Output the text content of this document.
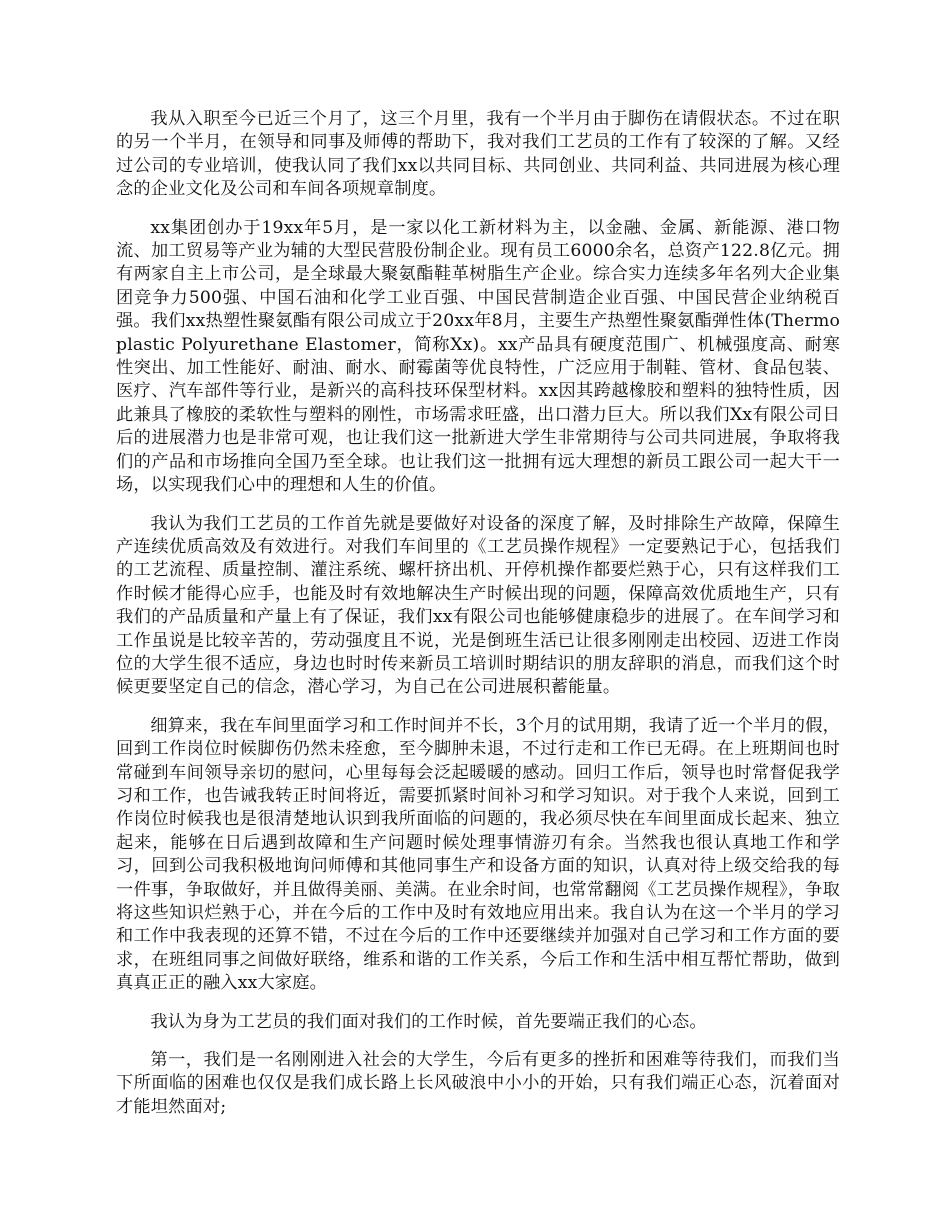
我从入职至今已近三个月了，这三个月里，我有一个半月由于脚伤在请假状态。不过在职的另一个半月，在领导和同事及师傅的帮助下，我对我们工艺员的工作有了较深的了解。又经过公司的专业培训，使我认同了我们xx以共同目标、共同创业、共同利益、共同进展为核心理念的企业文化及公司和车间各项规章制度。

xx集团创办于19xx年5月，是一家以化工新材料为主，以金融、金属、新能源、港口物流、加工贸易等产业为辅的大型民营股份制企业。现有员工6000余名，总资产122.8亿元。拥有两家自主上市公司，是全球最大聚氨酯鞋革树脂生产企业。综合实力连续多年名列大企业集团竞争力500强、中国石油和化学工业百强、中国民营制造企业百强、中国民营企业纳税百强。我们xx热塑性聚氨酯有限公司成立于20xx年8月，主要生产热塑性聚氨酯弹性体(Thermoplastic Polyurethane Elastomer，简称Xx)。xx产品具有硬度范围广、机械强度高、耐寒性突出、加工性能好、耐油、耐水、耐霉菌等优良特性，广泛应用于制鞋、管材、食品包装、医疗、汽车部件等行业，是新兴的高科技环保型材料。xx因其跨越橡胶和塑料的独特性质，因此兼具了橡胶的柔软性与塑料的刚性，市场需求旺盛，出口潜力巨大。所以我们Xx有限公司日后的进展潜力也是非常可观，也让我们这一批新进大学生非常期待与公司共同进展，争取将我们的产品和市场推向全国乃至全球。也让我们这一批拥有远大理想的新员工跟公司一起大干一场，以实现我们心中的理想和人生的价值。

我认为我们工艺员的工作首先就是要做好对设备的深度了解，及时排除生产故障，保障生产连续优质高效及有效进行。对我们车间里的《工艺员操作规程》一定要熟记于心，包括我们的工艺流程、质量控制、灌注系统、螺杆挤出机、开停机操作都要烂熟于心，只有这样我们工作时候才能得心应手，也能及时有效地解决生产时候出现的问题，保障高效优质地生产，只有我们的产品质量和产量上有了保证，我们xx有限公司也能够健康稳步的进展了。在车间学习和工作虽说是比较辛苦的，劳动强度且不说，光是倒班生活已让很多刚刚走出校园、迈进工作岗位的大学生很不适应，身边也时时传来新员工培训时期结识的朋友辞职的消息，而我们这个时候更要坚定自己的信念，潜心学习，为自己在公司进展积蓄能量。

细算来，我在车间里面学习和工作时间并不长，3个月的试用期，我请了近一个半月的假，回到工作岗位时候脚伤仍然未痊愈，至今脚肿未退，不过行走和工作已无碍。在上班期间也时常碰到车间领导亲切的慰问，心里每每会泛起暖暖的感动。回归工作后，领导也时常督促我学习和工作，也告诫我转正时间将近，需要抓紧时间补习和学习知识。对于我个人来说，回到工作岗位时候我也是很清楚地认识到我所面临的问题的，我必须尽快在车间里面成长起来、独立起来，能够在日后遇到故障和生产问题时候处理事情游刃有余。当然我也很认真地工作和学习，回到公司我积极地询问师傅和其他同事生产和设备方面的知识，认真对待上级交给我的每一件事，争取做好，并且做得美丽、美满。在业余时间，也常常翻阅《工艺员操作规程》，争取将这些知识烂熟于心，并在今后的工作中及时有效地应用出来。我自认为在这一个半月的学习和工作中我表现的还算不错，不过在今后的工作中还要继续并加强对自己学习和工作方面的要求，在班组同事之间做好联络，维系和谐的工作关系，今后工作和生活中相互帮忙帮助，做到真真正正的融入xx大家庭。

我认为身为工艺员的我们面对我们的工作时候，首先要端正我们的心态。

第一，我们是一名刚刚进入社会的大学生，今后有更多的挫折和困难等待我们，而我们当下所面临的困难也仅仅是我们成长路上长风破浪中小小的开始，只有我们端正心态，沉着面对才能坦然面对;
